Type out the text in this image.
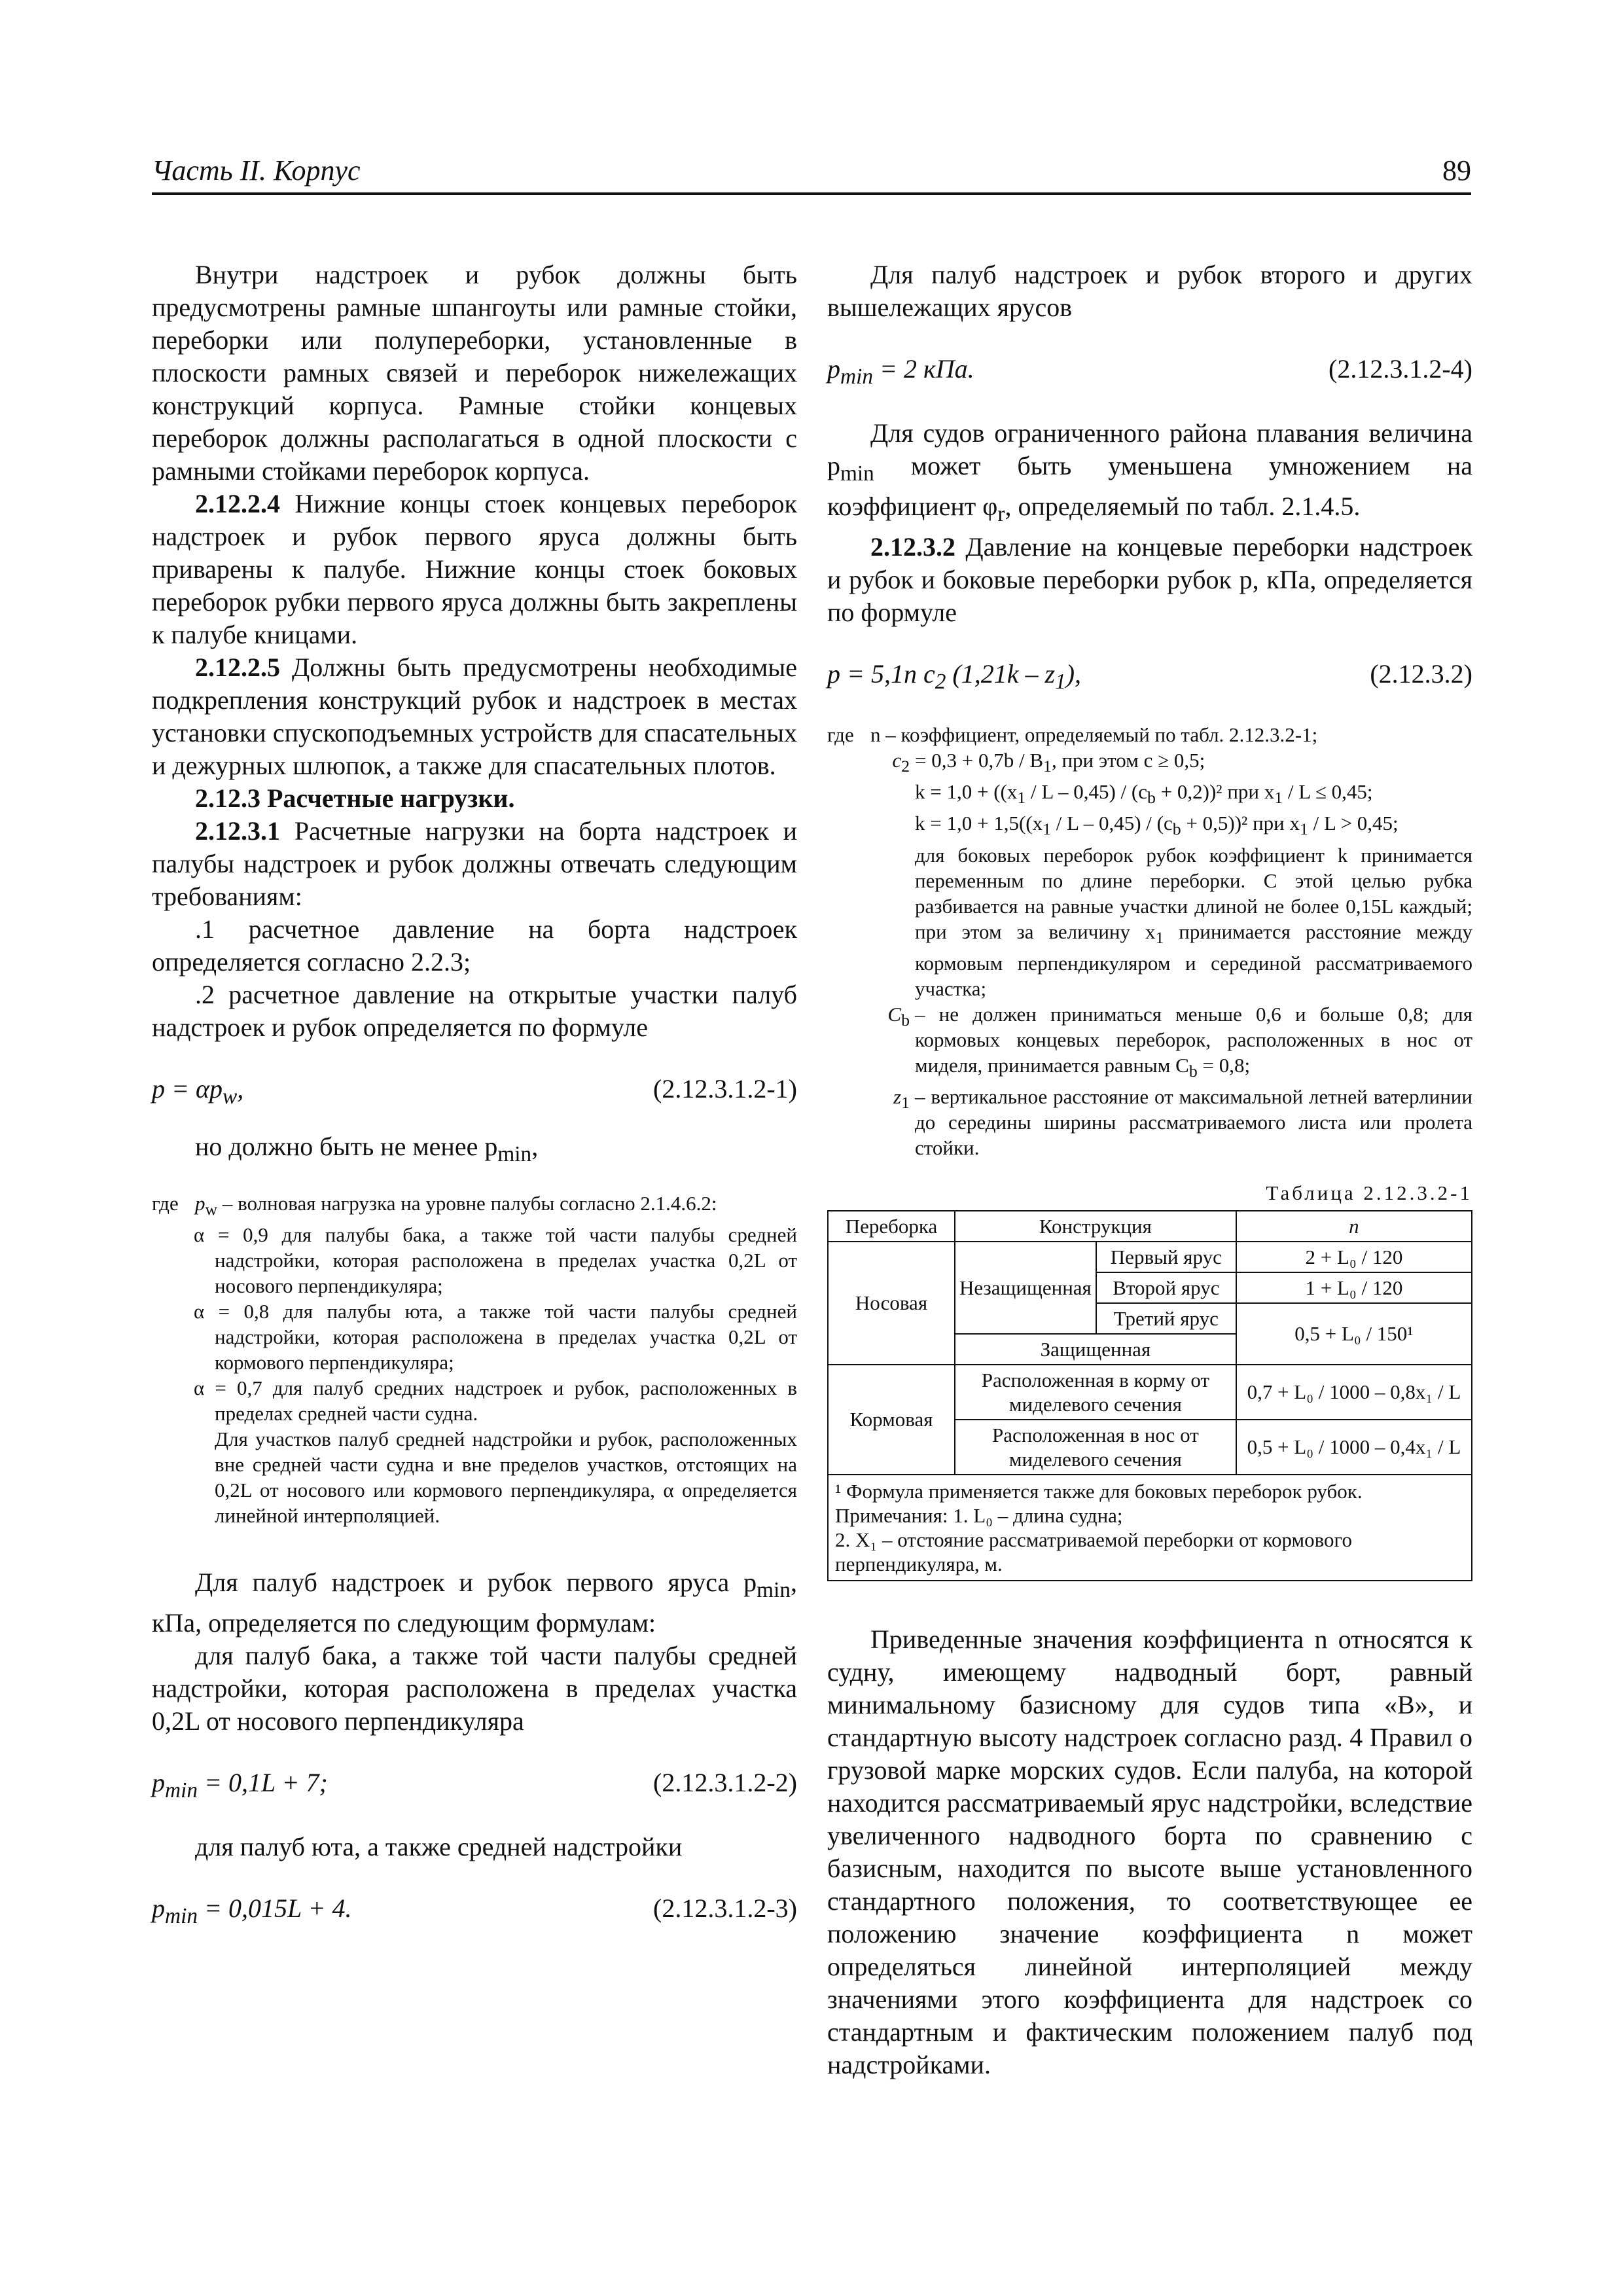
Часть II. Корпус	89

Внутри надстроек и рубок должны быть предусмотрены рамные шпангоуты или рамные стойки, переборки или полупереборки, установленные в плоскости рамных связей и переборок нижележащих конструкций корпуса. Рамные стойки концевых переборок должны располагаться в одной плоскости с рамными стойками переборок корпуса.

2.12.2.4 Нижние концы стоек концевых переборок надстроек и рубок первого яруса должны быть приварены к палубе. Нижние концы стоек боковых переборок рубки первого яруса должны быть закреплены к палубе кницами.

2.12.2.5 Должны быть предусмотрены необходимые подкрепления конструкций рубок и надстроек в местах установки спускоподъемных устройств для спасательных и дежурных шлюпок, а также для спасательных плотов.

2.12.3 Расчетные нагрузки.

2.12.3.1 Расчетные нагрузки на борта надстроек и палубы надстроек и рубок должны отвечать следующим требованиям:

.1 расчетное давление на борта надстроек определяется согласно 2.2.3;

.2 расчетное давление на открытые участки палуб надстроек и рубок определяется по формуле

$p = \alpha p_w$,	(2.12.3.1.2-1)

но должно быть не менее $p_{min}$,

где $p_w$ – волновая нагрузка на уровне палубы согласно 2.1.4.6.2:

α = 0,9 для палубы бака, а также той части палубы средней надстройки, которая расположена в пределах участка 0,2L от носового перпендикуляра;

α = 0,8 для палубы юта, а также той части палубы средней надстройки, которая расположена в пределах участка 0,2L от кормового перпендикуляра;

α = 0,7 для палуб средних надстроек и рубок, расположенных в пределах средней части судна.

Для участков палуб средней надстройки и рубок, расположенных вне средней части судна и вне пределов участков, отстоящих на 0,2L от носового или кормового перпендикуляра, α определяется линейной интерполяцией.

Для палуб надстроек и рубок первого яруса $p_{min}$, кПа, определяется по следующим формулам:

для палуб бака, а также той части палубы средней надстройки, которая расположена в пределах участка 0,2L от носового перпендикуляра

$p_{min} = 0,1L + 7$;	(2.12.3.1.2-2)

для палуб юта, а также средней надстройки

$p_{min} = 0,015L + 4$.	(2.12.3.1.2-3)

Для палуб надстроек и рубок второго и других вышележащих ярусов

$p_{min} = 2$ кПа.	(2.12.3.1.2-4)

Для судов ограниченного района плавания величина $p_{min}$ может быть уменьшена умножением на коэффициент $\varphi_r$, определяемый по табл. 2.1.4.5.

2.12.3.2 Давление на концевые переборки надстроек и рубок и боковые переборки рубок p, кПа, определяется по формуле

p = 5,1n $c_2$ $(1,21k - z_1)$,	(2.12.3.2)
где n – коэффициент, определяемый по табл. 2.12.3.2-1;
$c_2 = 0,3 + 0,7b / B_1$, при этом c ≥ 0,5;
$k = 1,0 + ((x_1 / L - 0,45) / (c_b + 0,2))^2$ при $x_1 / L \le 0,45$;
$k = 1,0 + 1,5((x_1 / L - 0,45) / (c_b + 0,5))^2$ при $x_1 / L > 0,45$;
для боковых переборок рубок коэффициент k принимается переменным по длине переборки. С этой целью рубка разбивается на равные участки длиной не более 0,15L каждый; при этом за величину $x_1$ принимается расстояние между кормовым перпендикуляром и серединой рассматриваемого участка;
$C_b$ – не должен приниматься меньше 0,6 и больше 0,8; для кормовых концевых переборок, расположенных в нос от миделя, принимается равным $C_b = 0,8$;
$z_1$ – вертикальное расстояние от максимальной летней ватерлинии до середины ширины рассматриваемого листа или пролета стойки.
Таблица 2.12.3.2-1
Переборка	Конструкция		n
Носовая	Незащищенная	Первый ярус	2 + L₀ / 120
		Второй ярус	1 + L₀ / 120
		Третий ярус	0,5 + L₀ / 150¹
	Защищенная		
Кормовая	Расположенная в корму от миделевого сечения		0,7 + L₀ / 1000 – 0,8x₁ / L
	Расположенная в нос от миделевого сечения		0,5 + L₀ / 1000 – 0,4x₁ / L
¹ Формула применяется также для боковых переборок рубок.
Примечания: 1. L₀ – длина судна;
2. X₁ – отстояние рассматриваемой переборки от кормового перпендикуляра, м.

Приведенные значения коэффициента n относятся к судну, имеющему надводный борт, равный минимальному базисному для судов типа «В», и стандартную высоту надстроек согласно разд. 4 Правил о грузовой марке морских судов. Если палуба, на которой находится рассматриваемый ярус надстройки, вследствие увеличенного надводного борта по сравнению с базисным, находится по высоте выше установленного стандартного положения, то соответствующее ее положению значение коэффициента n может определяться линейной интерполяцией между значениями этого коэффициента для надстроек со стандартным и фактическим положением палуб под надстройками.
